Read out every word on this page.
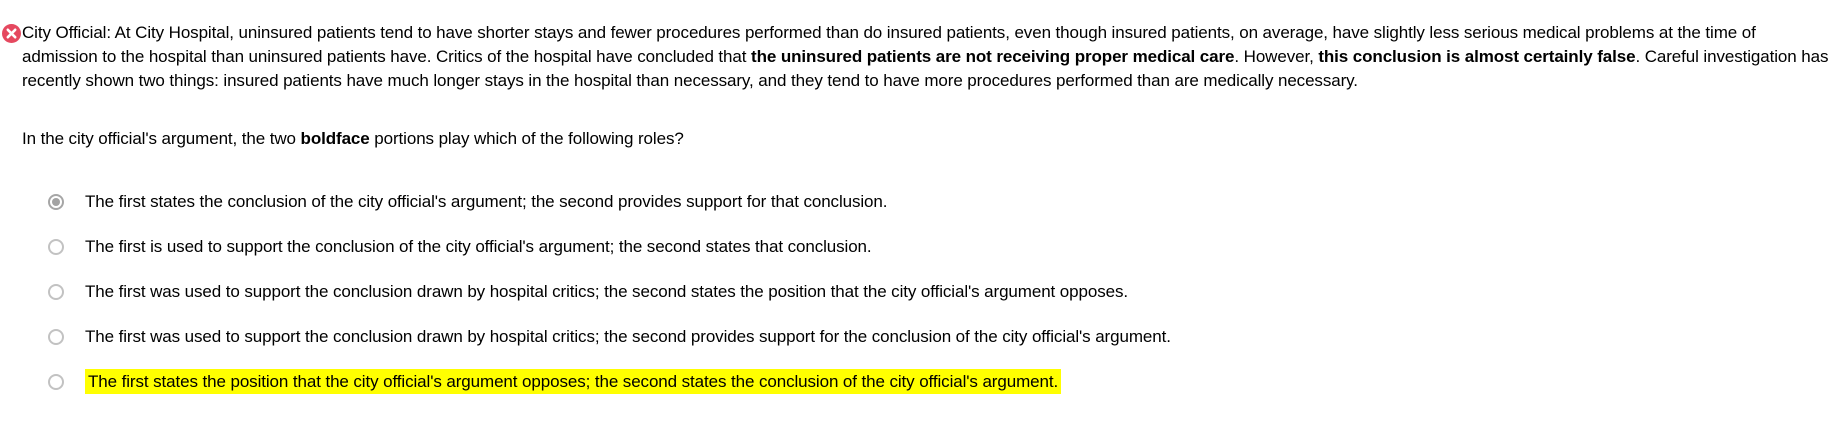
City Official: At City Hospital, uninsured patients tend to have shorter stays and fewer procedures performed than do insured patients, even though insured patients, on average, have slightly less serious medical problems at the time of admission to the hospital than uninsured patients have. Critics of the hospital have concluded that the uninsured patients are not receiving proper medical care. However, this conclusion is almost certainly false. Careful investigation has recently shown two things: insured patients have much longer stays in the hospital than necessary, and they tend to have more procedures performed than are medically necessary.
In the city official's argument, the two boldface portions play which of the following roles?
The first states the conclusion of the city official's argument; the second provides support for that conclusion.
The first is used to support the conclusion of the city official's argument; the second states that conclusion.
The first was used to support the conclusion drawn by hospital critics; the second states the position that the city official's argument opposes.
The first was used to support the conclusion drawn by hospital critics; the second provides support for the conclusion of the city official's argument.
The first states the position that the city official's argument opposes; the second states the conclusion of the city official's argument.
